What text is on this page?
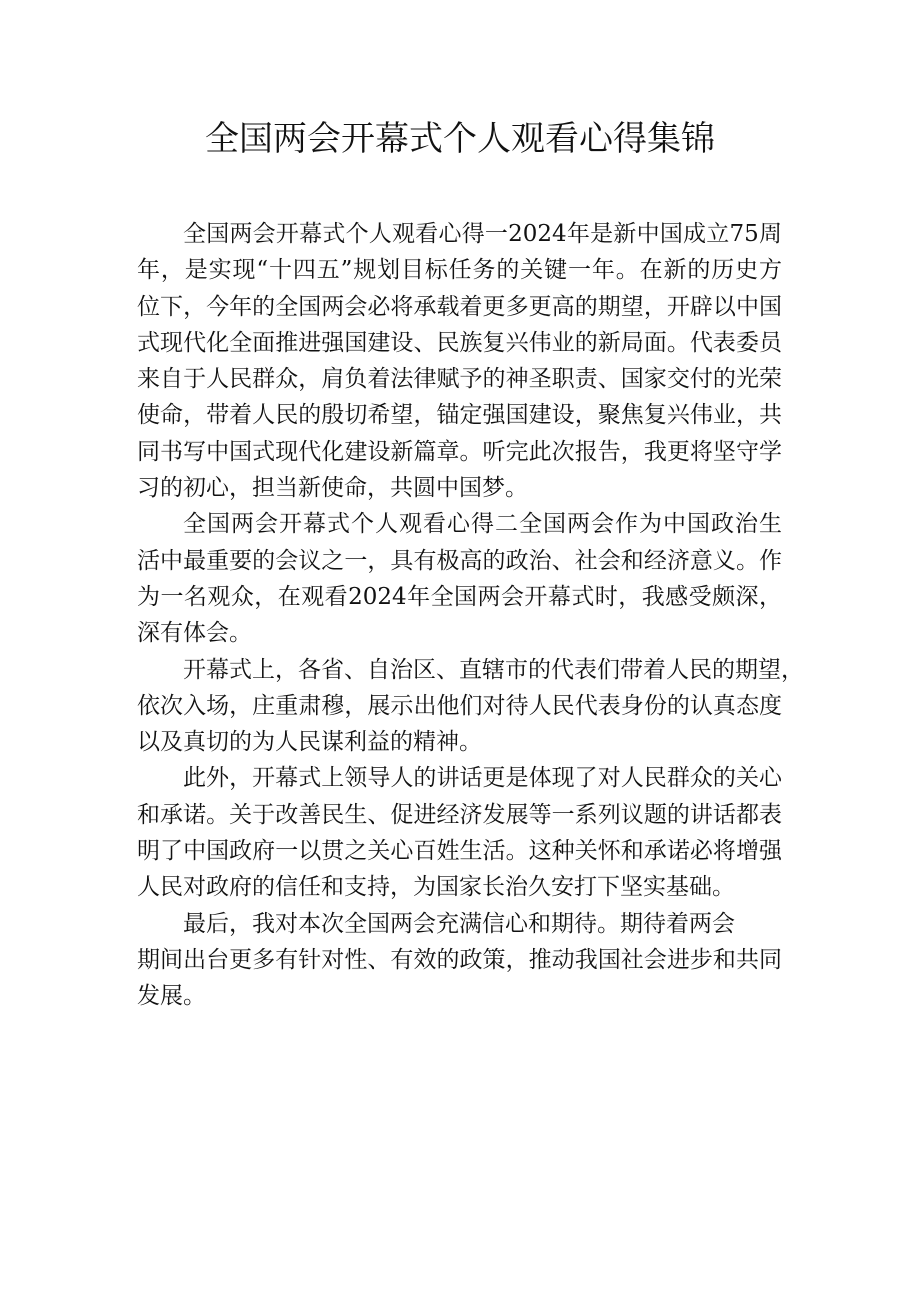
全国两会开幕式个人观看心得集锦
全国两会开幕式个人观看心得一2024年是新中国成立75周
年，是实现“十四五”规划目标任务的关键一年。在新的历史方
位下，今年的全国两会必将承载着更多更高的期望，开辟以中国
式现代化全面推进强国建设、民族复兴伟业的新局面。代表委员
来自于人民群众，肩负着法律赋予的神圣职责、国家交付的光荣
使命，带着人民的殷切希望，锚定强国建设，聚焦复兴伟业，共
同书写中国式现代化建设新篇章。听完此次报告，我更将坚守学
习的初心，担当新使命，共圆中国梦。
全国两会开幕式个人观看心得二全国两会作为中国政治生
活中最重要的会议之一，具有极高的政治、社会和经济意义。作
为一名观众，在观看2024年全国两会开幕式时，我感受颇深，
深有体会。
开幕式上，各省、自治区、直辖市的代表们带着人民的期望，
依次入场，庄重肃穆，展示出他们对待人民代表身份的认真态度
以及真切的为人民谋利益的精神。
此外，开幕式上领导人的讲话更是体现了对人民群众的关心
和承诺。关于改善民生、促进经济发展等一系列议题的讲话都表
明了中国政府一以贯之关心百姓生活。这种关怀和承诺必将增强
人民对政府的信任和支持，为国家长治久安打下坚实基础。
最后，我对本次全国两会充满信心和期待。期待着两会
期间出台更多有针对性、有效的政策，推动我国社会进步和共同
发展。
